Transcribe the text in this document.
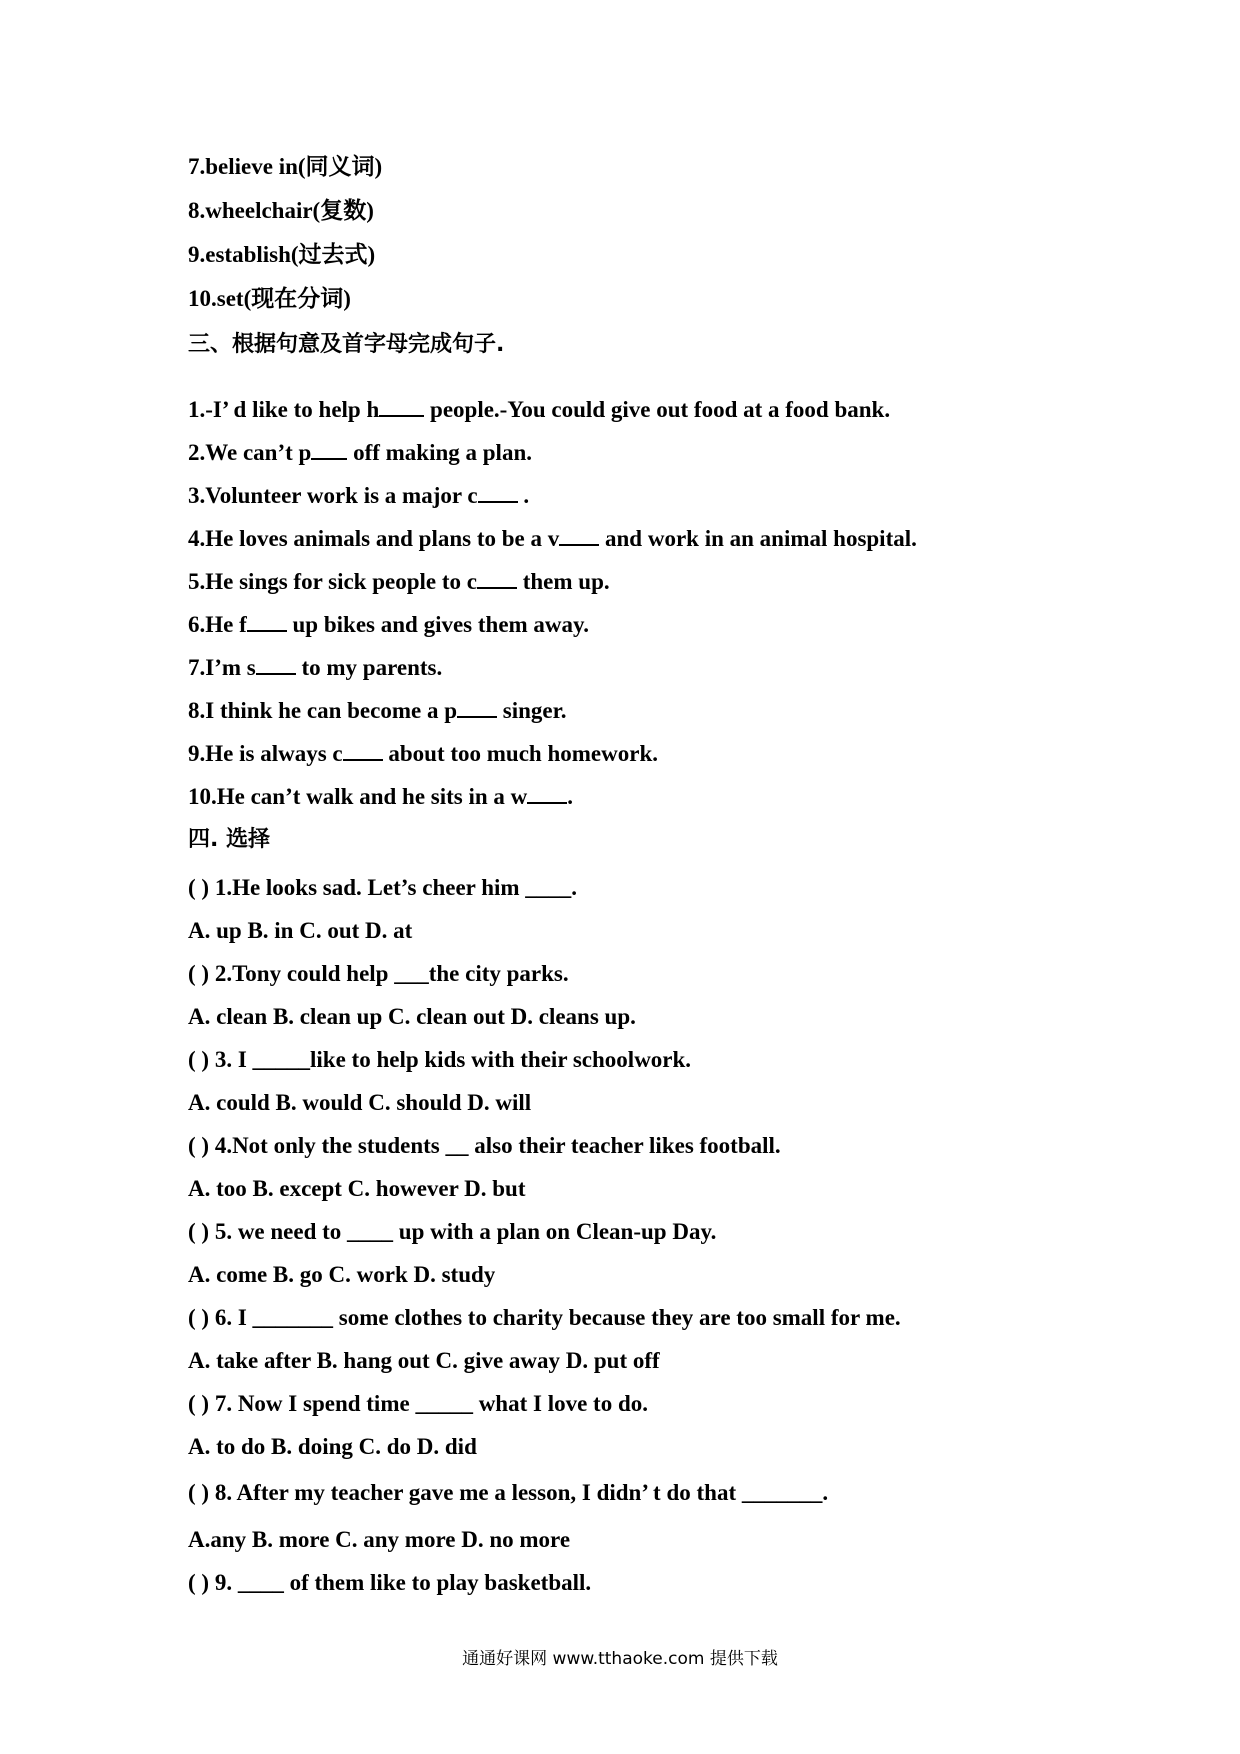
7.believe in(同义词)
8.wheelchair(复数)
9.establish(过去式)
10.set(现在分词)
三、根据句意及首字母完成句子.
1.-I’ d like to help h people.-You could give out food at a food bank.
2.We can’t p off making a plan.
3.Volunteer work is a major c .
4.He loves animals and plans to be a v and work in an animal hospital.
5.He sings for sick people to c them up.
6.He f up bikes and gives them away.
7.I’m s to my parents.
8.I think he can become a p singer.
9.He is always c about too much homework.
10.He can’t walk and he sits in a w .
四. 选择
( ) 1.He looks sad. Let’s cheer him ____.
A. up B. in C. out D. at
( ) 2.Tony could help ___the city parks.
A. clean B. clean up C. clean out D. cleans up.
( ) 3. I _____like to help kids with their schoolwork.
A. could B. would C. should D. will
( ) 4.Not only the students __ also their teacher likes football.
A. too B. except C. however D. but
( ) 5. we need to ____ up with a plan on Clean-up Day.
A. come B. go C. work D. study
( ) 6. I _______ some clothes to charity because they are too small for me.
A. take after B. hang out C. give away D. put off
( ) 7. Now I spend time _____ what I love to do.
A. to do B. doing C. do D. did
( ) 8. After my teacher gave me a lesson, I didn’ t do that _______.
A.any B. more C. any more D. no more
( ) 9. ____ of them like to play basketball.
通通好课网 www.tthaoke.com 提供下载
